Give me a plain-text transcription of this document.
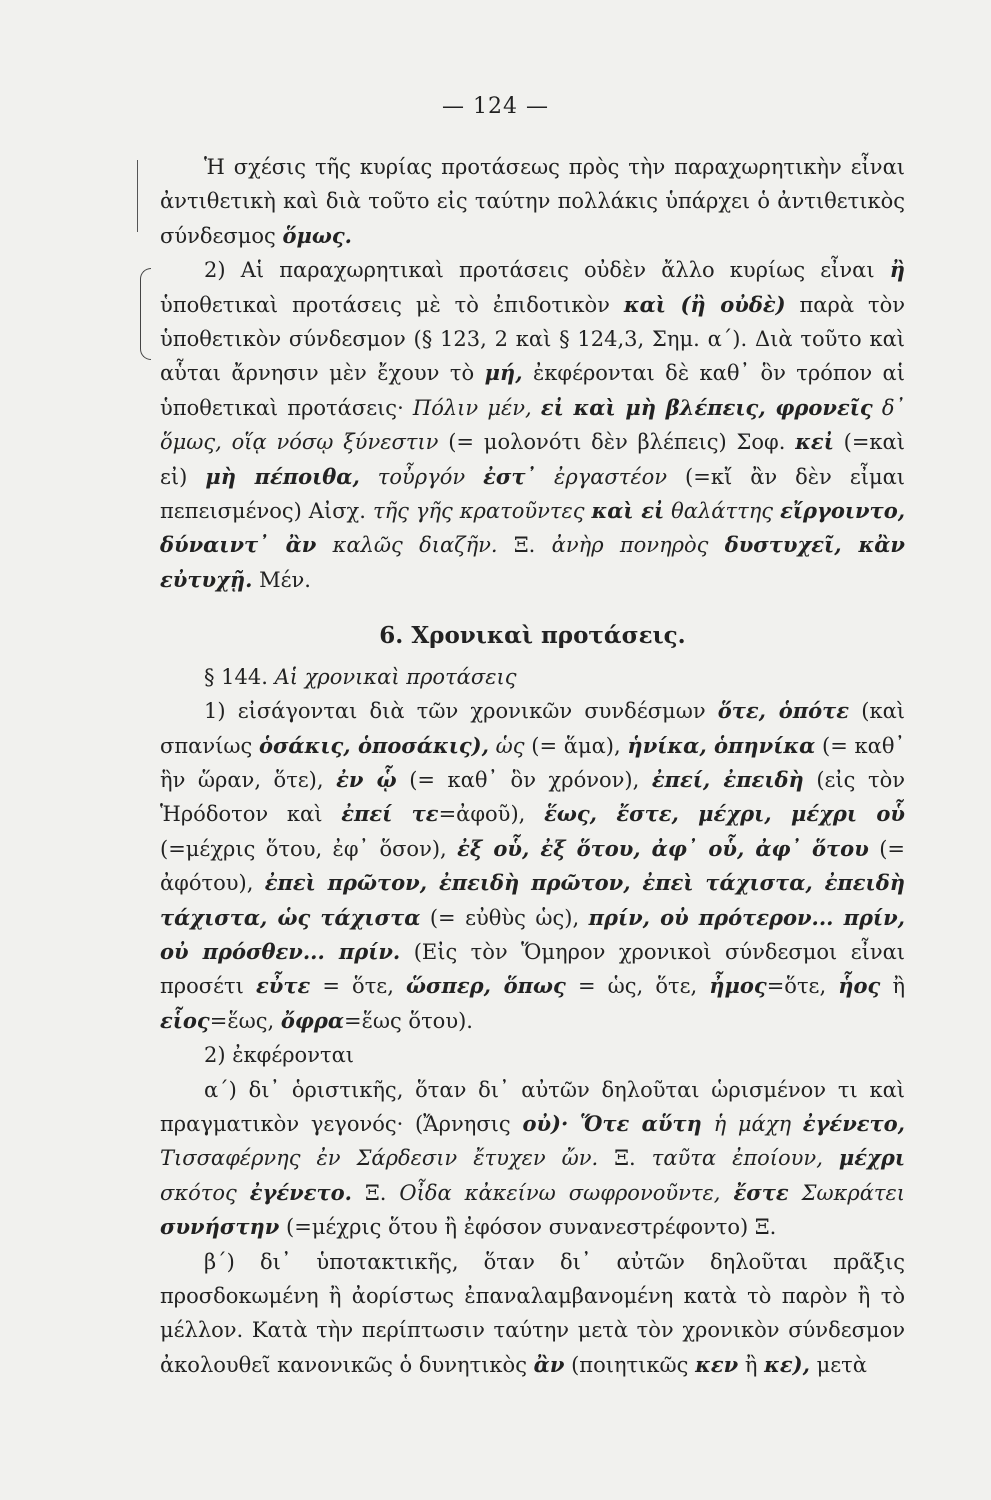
— 124 —

Ἡ σχέσις τῆς κυρίας προτάσεως πρὸς τὴν παραχωρητικὴν εἶναι ἀντιθετικὴ καὶ διὰ τοῦτο εἰς ταύτην πολλάκις ὑπάρχει ὁ ἀντιθετικὸς σύνδεσμος ὅμως.

2) Αἱ παραχωρητικαὶ προτάσεις οὐδὲν ἄλλο κυρίως εἶναι ἢ ὑποθετικαὶ προτάσεις μὲ τὸ ἐπιδοτικὸν καὶ (ἢ οὐδὲ) παρὰ τὸν ὑποθετικὸν σύνδεσμον (§ 123, 2 καὶ § 124,3, Σημ. α΄). Διὰ τοῦτο καὶ αὗται ἄρνησιν μὲν ἔχουν τὸ μή, ἐκφέρονται δὲ καθ᾽ ὃν τρόπον αἱ ὑποθετικαὶ προτάσεις· Πόλιν μέν, εἰ καὶ μὴ βλέπεις, φρονεῖς δ᾽ ὅμως, οἵᾳ νόσῳ ξύνεστιν (= μολονότι δὲν βλέπεις) Σοφ. κεἰ (=καὶ εἰ) μὴ πέποιθα, τοὖργόν ἐστ᾽ ἐργαστέον (=κἴ ἂν δὲν εἶμαι πεπεισμένος) Αἰσχ. τῆς γῆς κρατοῦντες καὶ εἰ θαλάττης εἴργοιντο, δύναιντ᾽ ἂν καλῶς διαζῆν. Ξ. ἀνὴρ πονηρὸς δυστυχεῖ, κἂν εὐτυχῇ. Μέν.

6. Χρονικαὶ προτάσεις.

§ 144. Αἱ χρονικαὶ προτάσεις

1) εἰσάγονται διὰ τῶν χρονικῶν συνδέσμων ὅτε, ὁπότε (καὶ σπανίως ὁσάκις, ὁποσάκις), ὡς (= ἅμα), ἡνίκα, ὁπηνίκα (= καθ᾽ ἣν ὥραν, ὅτε), ἐν ᾧ (= καθ᾽ ὃν χρόνον), ἐπεί, ἐπειδὴ (εἰς τὸν Ἡρόδοτον καὶ ἐπεί τε=ἀφοῦ), ἕως, ἔστε, μέχρι, μέχρι οὗ (=μέχρις ὅτου, ἐφ᾽ ὅσον), ἐξ οὗ, ἐξ ὅτου, ἀφ᾽ οὗ, ἀφ᾽ ὅτου (= ἀφότου), ἐπεὶ πρῶτον, ἐπειδὴ πρῶτον, ἐπεὶ τάχιστα, ἐπειδὴ τάχιστα, ὡς τάχιστα (= εὐθὺς ὡς), πρίν, οὐ πρότερον... πρίν, οὐ πρόσθεν... πρίν. (Εἰς τὸν Ὅμηρον χρονικοὶ σύνδεσμοι εἶναι προσέτι εὖτε = ὅτε, ὥσπερ, ὅπως = ὡς, ὅτε, ἦμος=ὅτε, ἧος ἢ εἷος=ἕως, ὄφρα=ἕως ὅτου).

2) ἐκφέρονται

α΄) δι᾽ ὁριστικῆς, ὅταν δι᾽ αὐτῶν δηλοῦται ὡρισμένον τι καὶ πραγματικὸν γεγονός· (Ἄρνησις οὐ)· Ὅτε αὕτη ἡ μάχη ἐγένετο, Τισσαφέρνης ἐν Σάρδεσιν ἔτυχεν ὤν. Ξ. ταῦτα ἐποίουν, μέχρι σκότος ἐγένετο. Ξ. Οἶδα κἀκείνω σωφρονοῦντε, ἔστε Σωκράτει συνήστην (=μέχρις ὅτου ἢ ἐφόσον συνανεστρέφοντο) Ξ.

β΄) δι᾽ ὑποτακτικῆς, ὅταν δι᾽ αὐτῶν δηλοῦται πρᾶξις προσδοκωμένη ἢ ἀορίστως ἐπαναλαμβανομένη κατὰ τὸ παρὸν ἢ τὸ μέλλον. Κατὰ τὴν περίπτωσιν ταύτην μετὰ τὸν χρονικὸν σύνδεσμον ἀκολουθεῖ κανονικῶς ὁ δυνητικὸς ἂν (ποιητικῶς κεν ἢ κε), μετὰ
